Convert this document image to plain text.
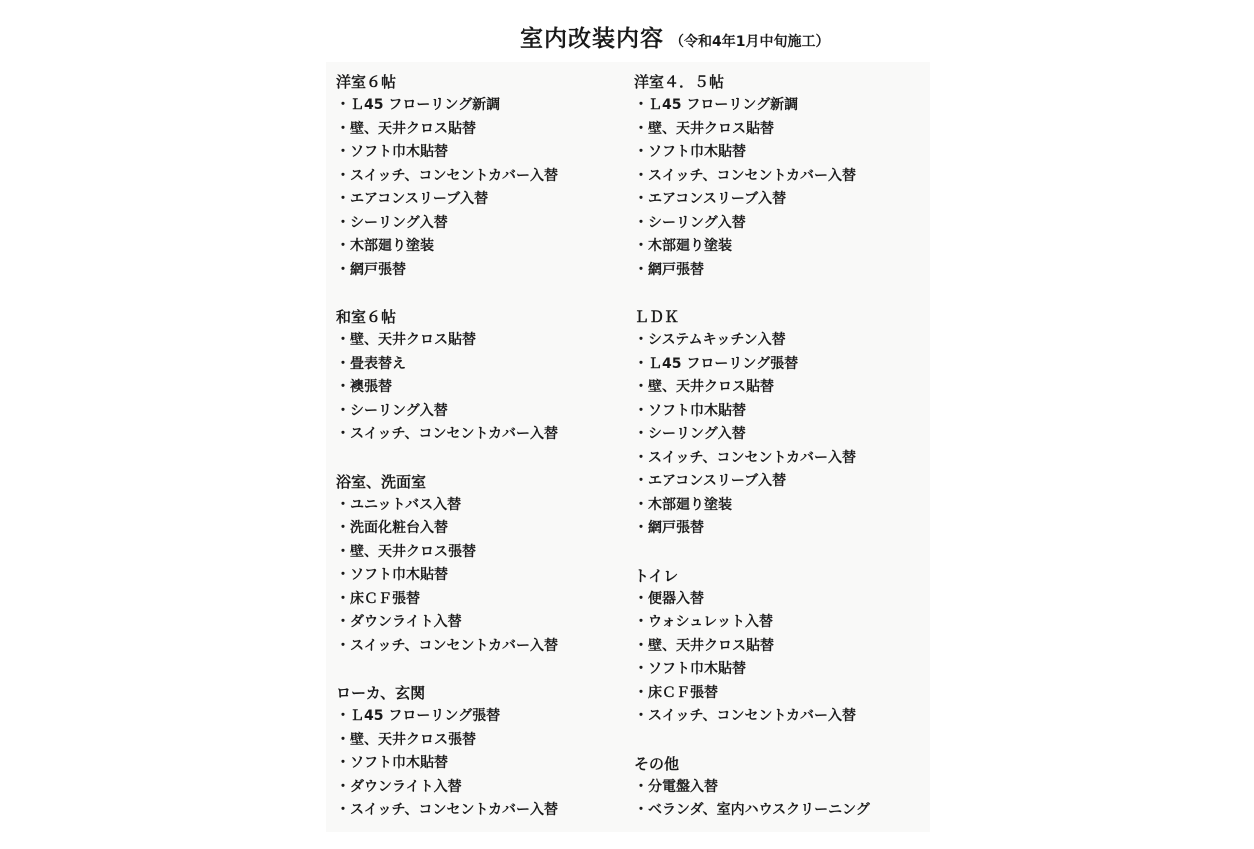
室内改装内容 （令和4年1月中旬施工）
洋室６帖
・Ｌ45 フローリング新調
・壁、天井クロス貼替
・ソフト巾木貼替
・スイッチ、コンセントカバー入替
・エアコンスリーブ入替
・シーリング入替
・木部廻り塗装
・網戸張替
和室６帖
・壁、天井クロス貼替
・畳表替え
・襖張替
・シーリング入替
・スイッチ、コンセントカバー入替
浴室、洗面室
・ユニットバス入替
・洗面化粧台入替
・壁、天井クロス張替
・ソフト巾木貼替
・床ＣＦ張替
・ダウンライト入替
・スイッチ、コンセントカバー入替
ローカ、玄関
・Ｌ45 フローリング張替
・壁、天井クロス張替
・ソフト巾木貼替
・ダウンライト入替
・スイッチ、コンセントカバー入替
洋室４．５帖
・Ｌ45 フローリング新調
・壁、天井クロス貼替
・ソフト巾木貼替
・スイッチ、コンセントカバー入替
・エアコンスリーブ入替
・シーリング入替
・木部廻り塗装
・網戸張替
ＬＤＫ
・システムキッチン入替
・Ｌ45 フローリング張替
・壁、天井クロス貼替
・ソフト巾木貼替
・シーリング入替
・スイッチ、コンセントカバー入替
・エアコンスリーブ入替
・木部廻り塗装
・網戸張替
トイレ
・便器入替
・ウォシュレット入替
・壁、天井クロス貼替
・ソフト巾木貼替
・床ＣＦ張替
・スイッチ、コンセントカバー入替
その他
・分電盤入替
・ベランダ、室内ハウスクリーニング
